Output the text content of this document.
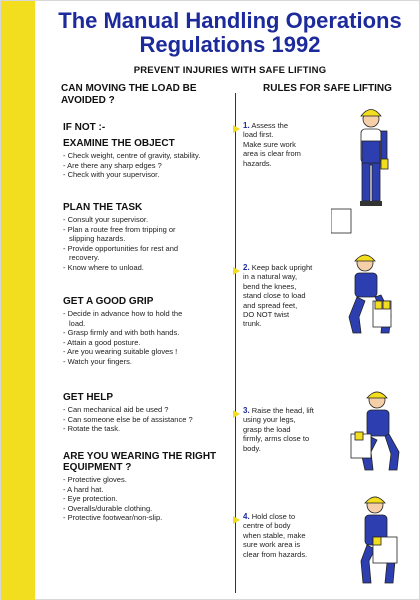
The Manual Handling Operations
Regulations 1992
PREVENT INJURIES WITH SAFE LIFTING
CAN MOVING THE LOAD BE AVOIDED ?
RULES FOR SAFE LIFTING
IF NOT :-
EXAMINE THE OBJECT
- Check weight, centre of gravity, stability.
- Are there any sharp edges ?
- Check with your supervisor.
PLAN THE TASK
- Consult your supervisor.
- Plan a route free from tripping or
slipping hazards.
- Provide opportunities for rest and
recovery.
- Know where to unload.
GET A GOOD GRIP
- Decide in advance how to hold the
load.
- Grasp firmly and with both hands.
- Attain a good posture.
- Are you wearing suitable gloves !
- Watch your fingers.
GET HELP
- Can mechanical aid be used ?
- Can someone else be of assistance ?
- Rotate the task.
ARE YOU WEARING THE RIGHT EQUIPMENT ?
- Protective gloves.
- A hard hat.
- Eye protection.
- Overalls/durable clothing.
- Protective footwear/non-slip.
1. Assess the
load first.
Make sure work
area is clear from
hazards.
2. Keep back upright
in a natural way,
bend the knees,
stand close to load
and spread feet,
DO NOT twist
trunk.
3. Raise the head, lift
using your legs,
grasp the load
firmly, arms close to
body.
4. Hold close to
centre of body
when stable, make
sure work area is
clear from hazards.
